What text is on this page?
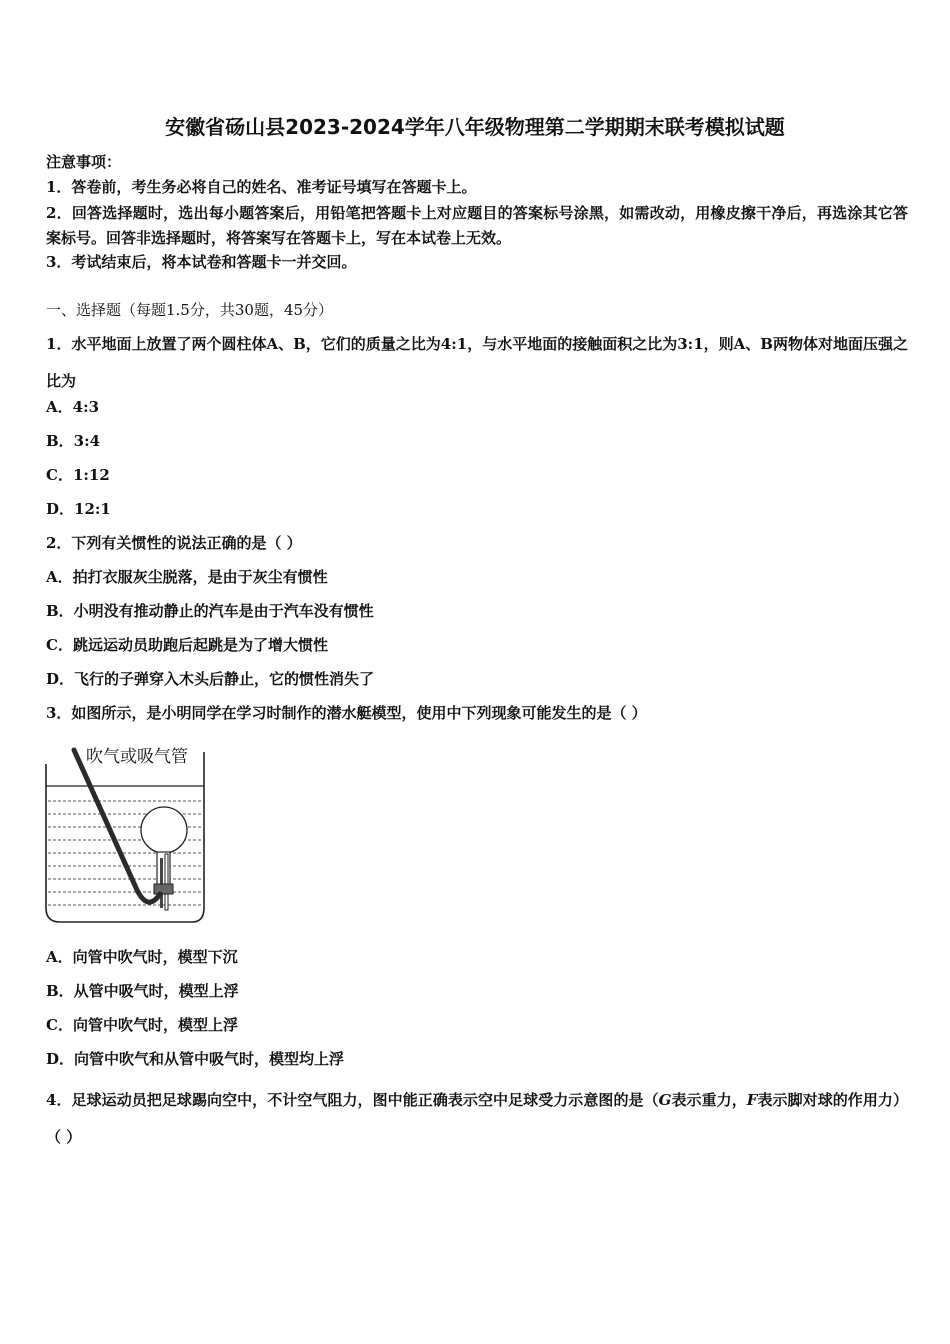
安徽省砀山县2023-2024学年八年级物理第二学期期末联考模拟试题
注意事项：
1．答卷前，考生务必将自己的姓名、准考证号填写在答题卡上。
2．回答选择题时，选出每小题答案后，用铅笔把答题卡上对应题目的答案标号涂黑，如需改动，用橡皮擦干净后，再选涂其它答案标号。回答非选择题时，将答案写在答题卡上，写在本试卷上无效。
3．考试结束后，将本试卷和答题卡一并交回。
一、选择题（每题1.5分，共30题，45分）
1．水平地面上放置了两个圆柱体A、B，它们的质量之比为4:1，与水平地面的接触面积之比为3:1，则A、B两物体对地面压强之比为
A．4:3
B．3:4
C．1:12
D．12:1
2．下列有关惯性的说法正确的是（ ）
A．拍打衣服灰尘脱落，是由于灰尘有惯性
B．小明没有推动静止的汽车是由于汽车没有惯性
C．跳远运动员助跑后起跳是为了增大惯性
D．飞行的子弹穿入木头后静止，它的惯性消失了
3．如图所示，是小明同学在学习时制作的潜水艇模型，使用中下列现象可能发生的是（ ）
吹气或吸气管
A．向管中吹气时，模型下沉
B．从管中吸气时，模型上浮
C．向管中吹气时，模型上浮
D．向管中吹气和从管中吸气时，模型均上浮
4．足球运动员把足球踢向空中，不计空气阻力，图中能正确表示空中足球受力示意图的是（G表示重力，F表示脚对球的作用力）（ ）
